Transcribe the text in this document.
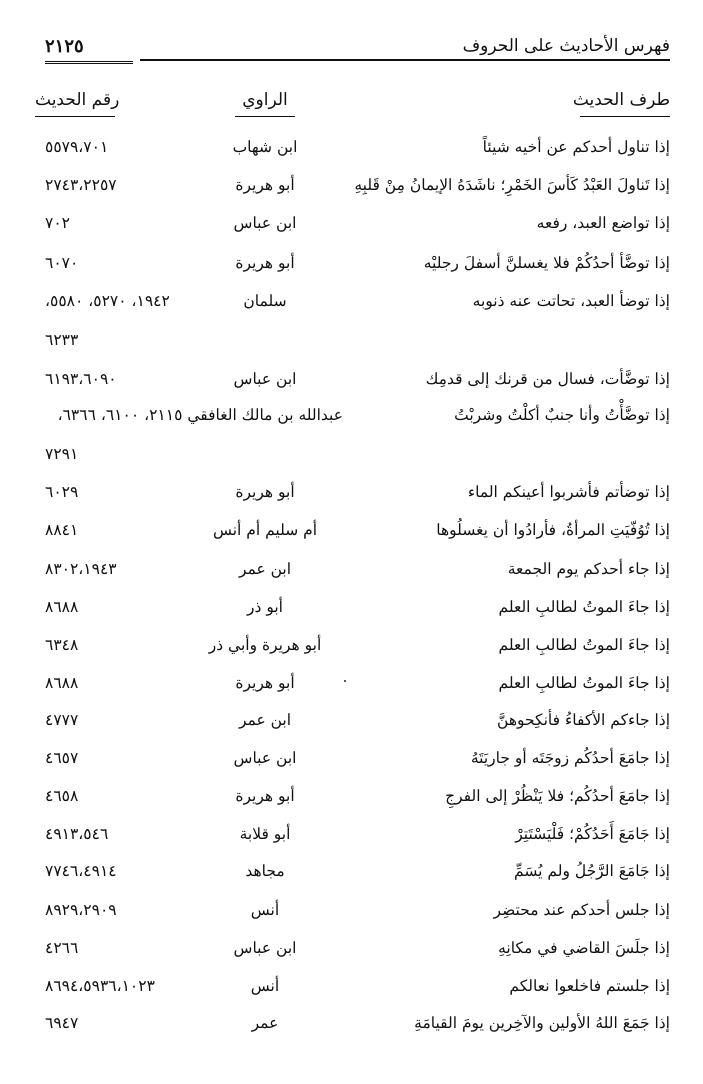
فهرس الأحاديث على الحروف
٢١٢٥
طرف الحديث
الراوي
رقم الحديث
إذا تناول أحدكم عن أخيه شيئاً
ابن شهاب
٥٥٧٩،٧٠١
إذا تَناولَ العَبْدُ كَأسَ الخَمْرِ؛ ناشَدَهُ الإيمانُ مِنْ قَلبِهِ
أبو هريرة
٢٧٤٣،٢٢٥٧
إذا تواضع العبد، رفعه
ابن عباس
٧٠٢
إذا توضَّأ أحدُكُمْ فلا يغسلنَّ أسفلَ رجليْه
أبو هريرة
٦٠٧٠
إذا توضأ العبد، تحاتت عنه ذنوبه
سلمان
١٩٤٢، ٥٢٧٠، ٥٥٨٠،
٦٢٣٣
إذا توضَّأت، فسال من قرنك إلى قدمِك
ابن عباس
٦١٩٣،٦٠٩٠
إذا توضَّأْتُ وأنا جنبٌ أكلْتُ وشربْتُ
عبدالله بن مالك الغافقي ٢١١٥، ٦١٠٠، ٦٣٦٦،
٧٢٩١
إذا توضأتم فأشربوا أعينكم الماء
أبو هريرة
٦٠٢٩
إذا تُوُفّيَتِ المرأةُ، فأرادُوا أن يغسلُوها
أم سليم أم أنس
٨٨٤١
إذا جاء أحدكم يوم الجمعة
ابن عمر
٨٣٠٢،١٩٤٣
إذا جاءَ الموتُ لطالبِ العلم
أبو ذر
٨٦٨٨
إذا جاءَ الموتُ لطالبِ العلم
أبو هريرة وأبي ذر
٦٣٤٨
إذا جاءَ الموتُ لطالبِ العلم
أبو هريرة
٨٦٨٨
إذا جاءكم الأكفاءُ فأنكِحوهنَّ
ابن عمر
٤٧٧٧
إذا جامَعَ أحدُكُم زوجَتَه أو جاريَتَهُ
ابن عباس
٤٦٥٧
إذا جامَعَ أحدُكُم؛ فلا يَنْظُرْ إلى الفرجِ
أبو هريرة
٤٦٥٨
إذا جَامَعَ أَحَدُكُمْ؛ فَلْيَسْتَتِرْ
أبو قلابة
٤٩١٣،٥٤٦
إذا جَامَعَ الرَّجُلُ ولم يُسَمِّ
مجاهد
٧٧٤٦،٤٩١٤
إذا جلس أحدكم عند محتضِر
أنس
٨٩٢٩،٢٩٠٩
إذا جلَسَ القاضي في مكانِهِ
ابن عباس
٤٢٦٦
إذا جلستم فاخلعوا نعالكم
أنس
٨٦٩٤،٥٩٣٦،١٠٢٣
إذا جَمَعَ اللهُ الأولين والآخِرين يومَ القيامَةِ
عمر
٦٩٤٧
